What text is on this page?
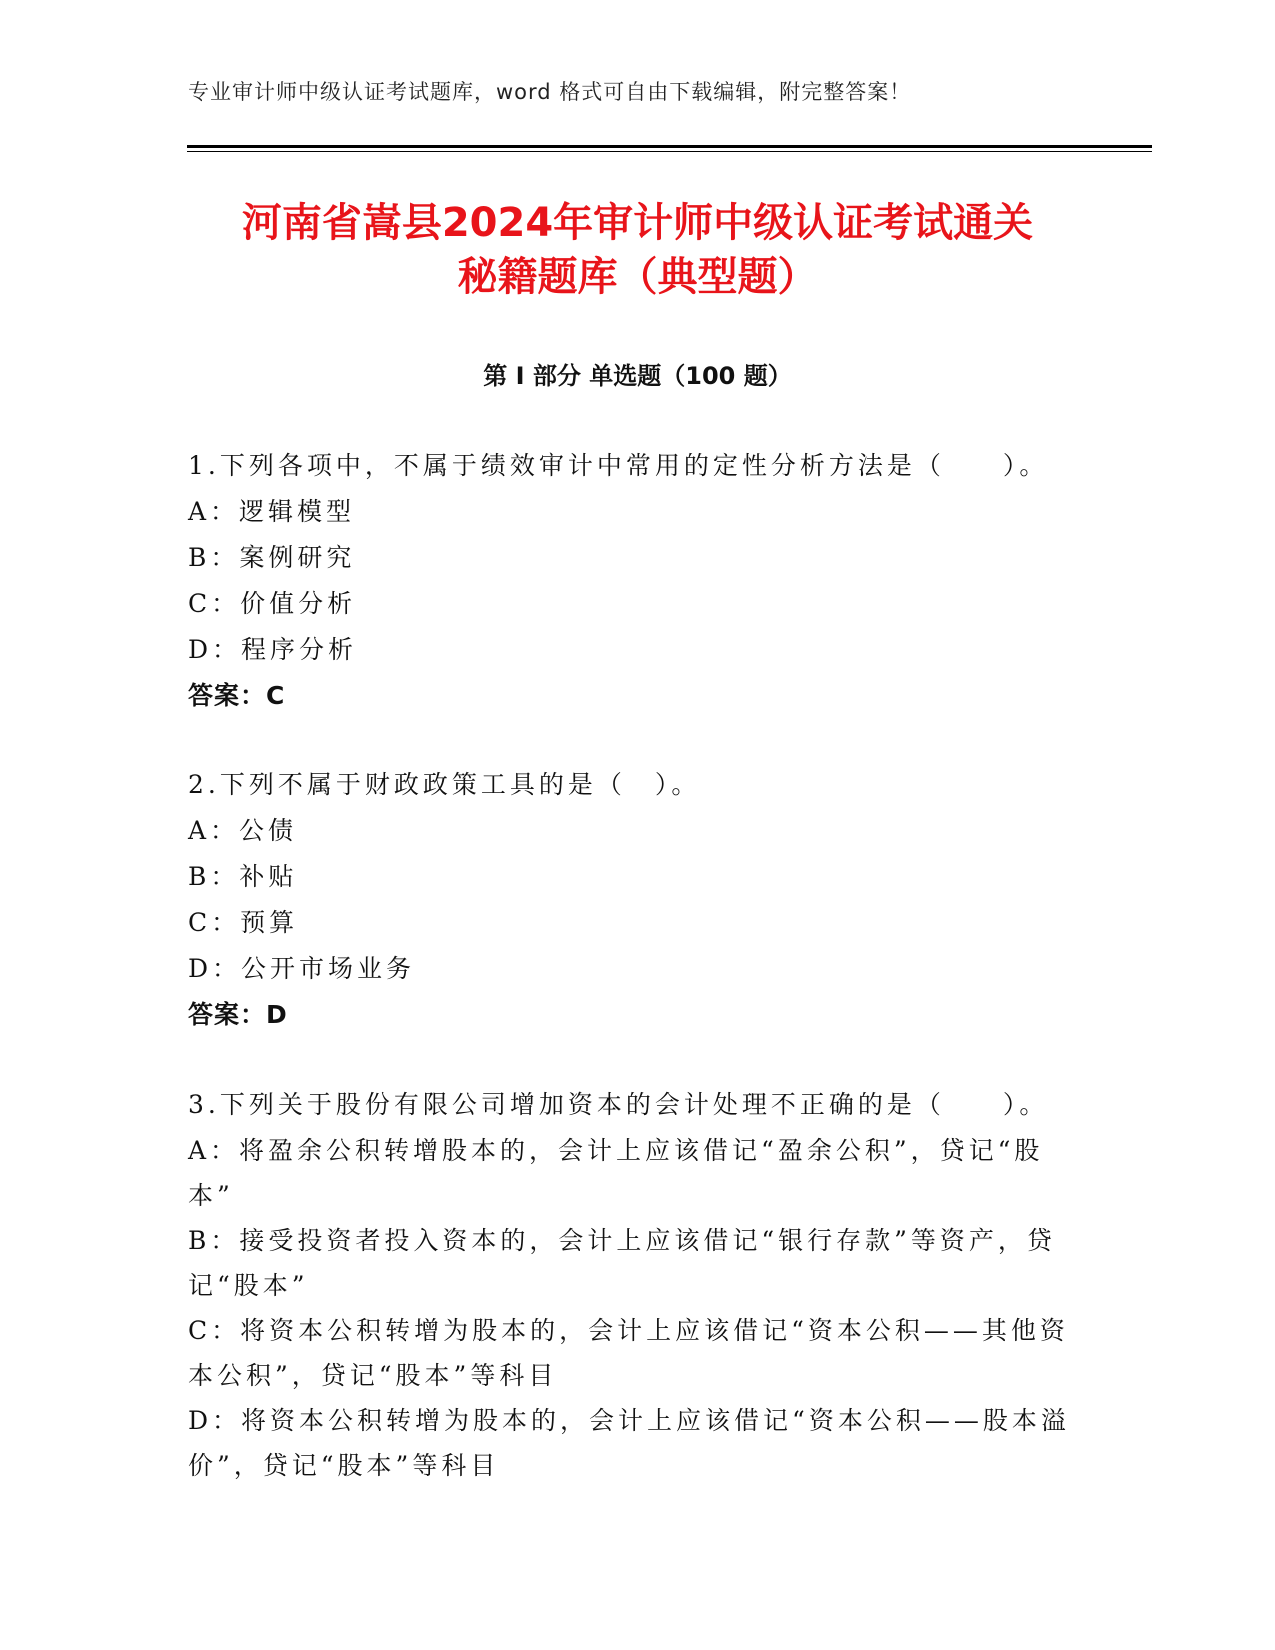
专业审计师中级认证考试题库，word 格式可自由下载编辑，附完整答案！
河南省嵩县2024年审计师中级认证考试通关
秘籍题库（典型题）
第 I 部分 单选题（100 题）
1.下列各项中，不属于绩效审计中常用的定性分析方法是（　　）。
A：逻辑模型
B：案例研究
C：价值分析
D：程序分析
答案：C
2.下列不属于财政政策工具的是（　）。
A：公债
B：补贴
C：预算
D：公开市场业务
答案：D
3.下列关于股份有限公司增加资本的会计处理不正确的是（　　）。
A：将盈余公积转增股本的，会计上应该借记“盈余公积”，贷记“股本”
B：接受投资者投入资本的，会计上应该借记“银行存款”等资产，贷记“股本”
C：将资本公积转增为股本的，会计上应该借记“资本公积——其他资本公积”，贷记“股本”等科目
D：将资本公积转增为股本的，会计上应该借记“资本公积——股本溢价”，贷记“股本”等科目
